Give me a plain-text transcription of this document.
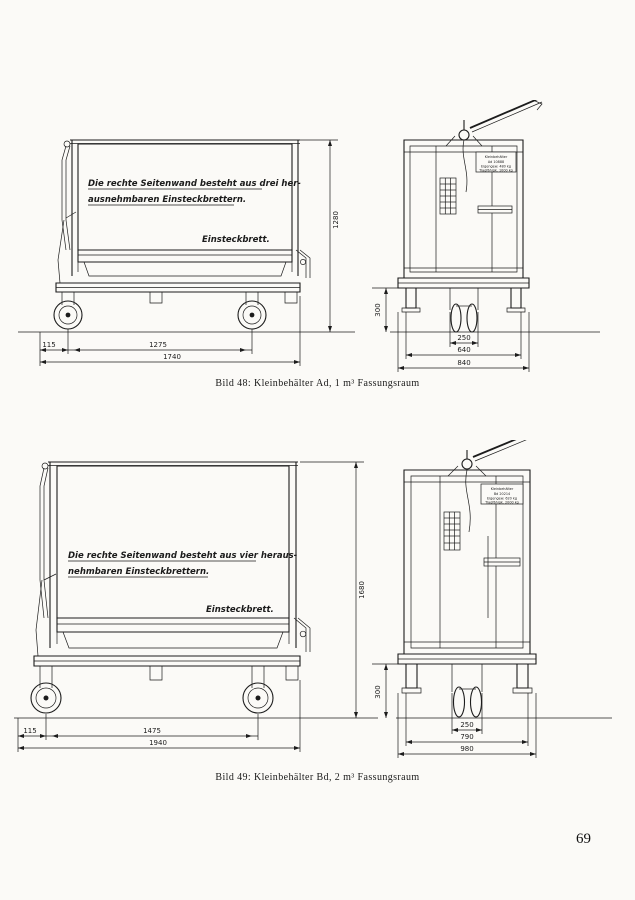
Die rechte Seitenwand besteht aus drei her-
ausnehmbaren Einsteckbrettern.
Einsteckbrett.
1280
115	1275
1740
Kleinbehälter
Ad 10888
Eigengew. 480 kg
Tragfähigk. 1000 kg
300
250
640
840
Bild 48: Kleinbehälter Ad, 1 m³ Fassungsraum
Die rechte Seitenwand besteht aus vier heraus-
nehmbaren Einsteckbrettern.
Einsteckbrett.
1680
115	1475
1940
Kleinbehälter
Bd 20214
Eigengew. 620 kg
Tragfähigk. 2000 kg
300
250
790
980
Bild 49: Kleinbehälter Bd, 2 m³ Fassungsraum
69
